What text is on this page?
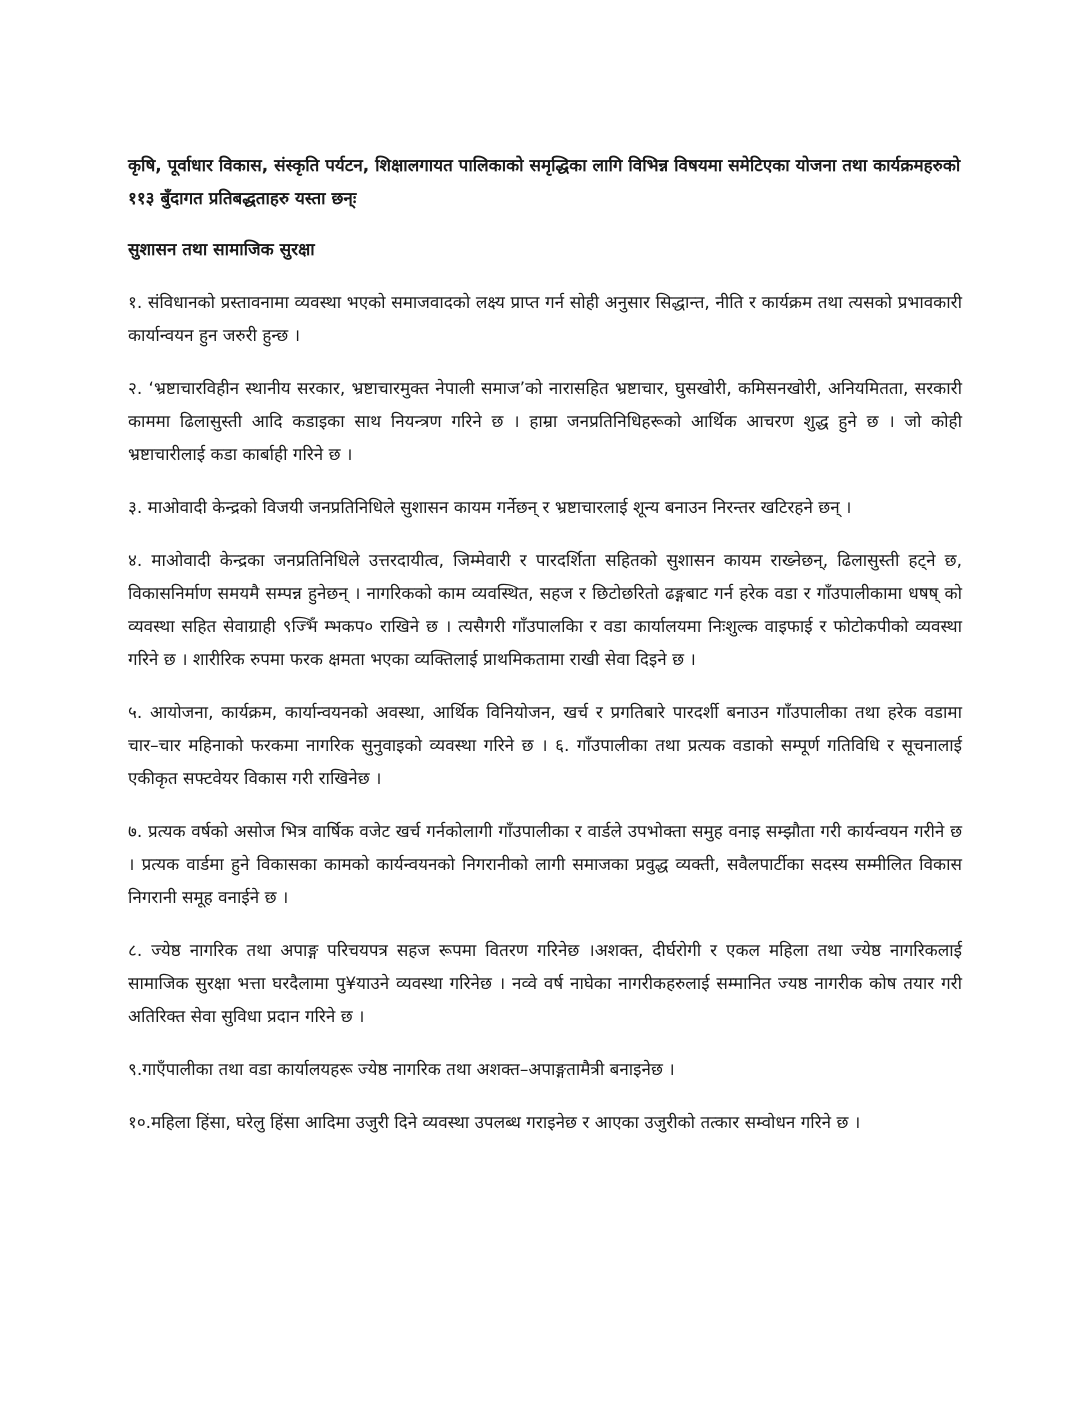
कृषि, पूर्वाधार विकास, संस्कृति पर्यटन, शिक्षालगायत पालिकाको समृद्धिका लागि विभिन्न विषयमा समेटिएका योजना तथा कार्यक्रमहरुको ११३ बुँदागत प्रतिबद्धताहरु यस्ता छन्ः

सुशासन तथा सामाजिक सुरक्षा

१. संविधानको प्रस्तावनामा व्यवस्था भएको समाजवादको लक्ष्य प्राप्त गर्न सोही अनुसार सिद्धान्त, नीति र कार्यक्रम तथा त्यसको प्रभावकारी कार्यान्वयन हुन जरुरी हुन्छ ।

२. ‘भ्रष्टाचारविहीन स्थानीय सरकार, भ्रष्टाचारमुक्त नेपाली समाज’को नारासहित भ्रष्टाचार, घुसखोरी, कमिसनखोरी, अनियमितता, सरकारी काममा ढिलासुस्ती आदि कडाइका साथ नियन्त्रण गरिने छ । हाम्रा जनप्रतिनिधिहरूको आर्थिक आचरण शुद्ध हुने छ । जो कोही भ्रष्टाचारीलाई कडा कार्बाही गरिने छ ।

३. माओवादी केन्द्रको विजयी जनप्रतिनिधिले सुशासन कायम गर्नेछन् र भ्रष्टाचारलाई शून्य बनाउन निरन्तर खटिरहने छन् ।

४. माओवादी केन्द्रका जनप्रतिनिधिले उत्तरदायीत्व, जिम्मेवारी र पारदर्शिता सहितको सुशासन कायम राख्नेछन्, ढिलासुस्ती हट्ने छ, विकासनिर्माण समयमै सम्पन्न हुनेछन् । नागरिकको काम व्यवस्थित, सहज र छिटोछरितो ढङ्गबाट गर्न हरेक वडा र गाँउपालीकामा धषष् को व्यवस्था सहित सेवाग्राही ९ज्भिँ म्भकप० राखिने छ । त्यसैगरी गाँउपालकिा र वडा कार्यालयमा निःशुल्क वाइफाई र फोटोकपीको व्यवस्था गरिने छ । शारीरिक रुपमा फरक क्षमता भएका व्यक्तिलाई प्राथमिकतामा राखी सेवा दिइने छ ।

५. आयोजना, कार्यक्रम, कार्यान्वयनको अवस्था, आर्थिक विनियोजन, खर्च र प्रगतिबारे पारदर्शी बनाउन गाँउपालीका तथा हरेक वडामा चार–चार महिनाको फरकमा नागरिक सुनुवाइको व्यवस्था गरिने छ । ६. गाँउपालीका तथा प्रत्यक वडाको सम्पूर्ण गतिविधि र सूचनालाई एकीकृत सफ्टवेयर विकास गरी राखिनेछ ।

७. प्रत्यक वर्षको असोज भित्र वार्षिक वजेट खर्च गर्नकोलागी गाँउपालीका र वार्डले उपभोक्ता समुह वनाइ सम्झौता गरी कार्यन्वयन गरीने छ । प्रत्यक वार्डमा हुने विकासका कामको कार्यन्वयनको निगरानीको लागी समाजका प्रवुद्ध व्यक्ती, सवैलपार्टीका सदस्य सम्मीलित विकास निगरानी समूह वनाईने छ ।

८. ज्येष्ठ नागरिक तथा अपाङ्ग परिचयपत्र सहज रूपमा वितरण गरिनेछ ।अशक्त, दीर्घरोगी र एकल महिला तथा ज्येष्ठ नागरिकलाई सामाजिक सुरक्षा भत्ता घरदैलामा पु¥याउने व्यवस्था गरिनेछ । नव्वे वर्ष नाघेका नागरीकहरुलाई सम्मानित ज्यष्ठ नागरीक कोष तयार गरी अतिरिक्त सेवा सुविधा प्रदान गरिने छ ।

९.गाएँपालीका तथा वडा कार्यालयहरू ज्येष्ठ नागरिक तथा अशक्त–अपाङ्गतामैत्री बनाइनेछ ।

१०.महिला हिंसा, घरेलु हिंसा आदिमा उजुरी दिने व्यवस्था उपलब्ध गराइनेछ र आएका उजुरीको तत्कार सम्वोधन गरिने छ ।
